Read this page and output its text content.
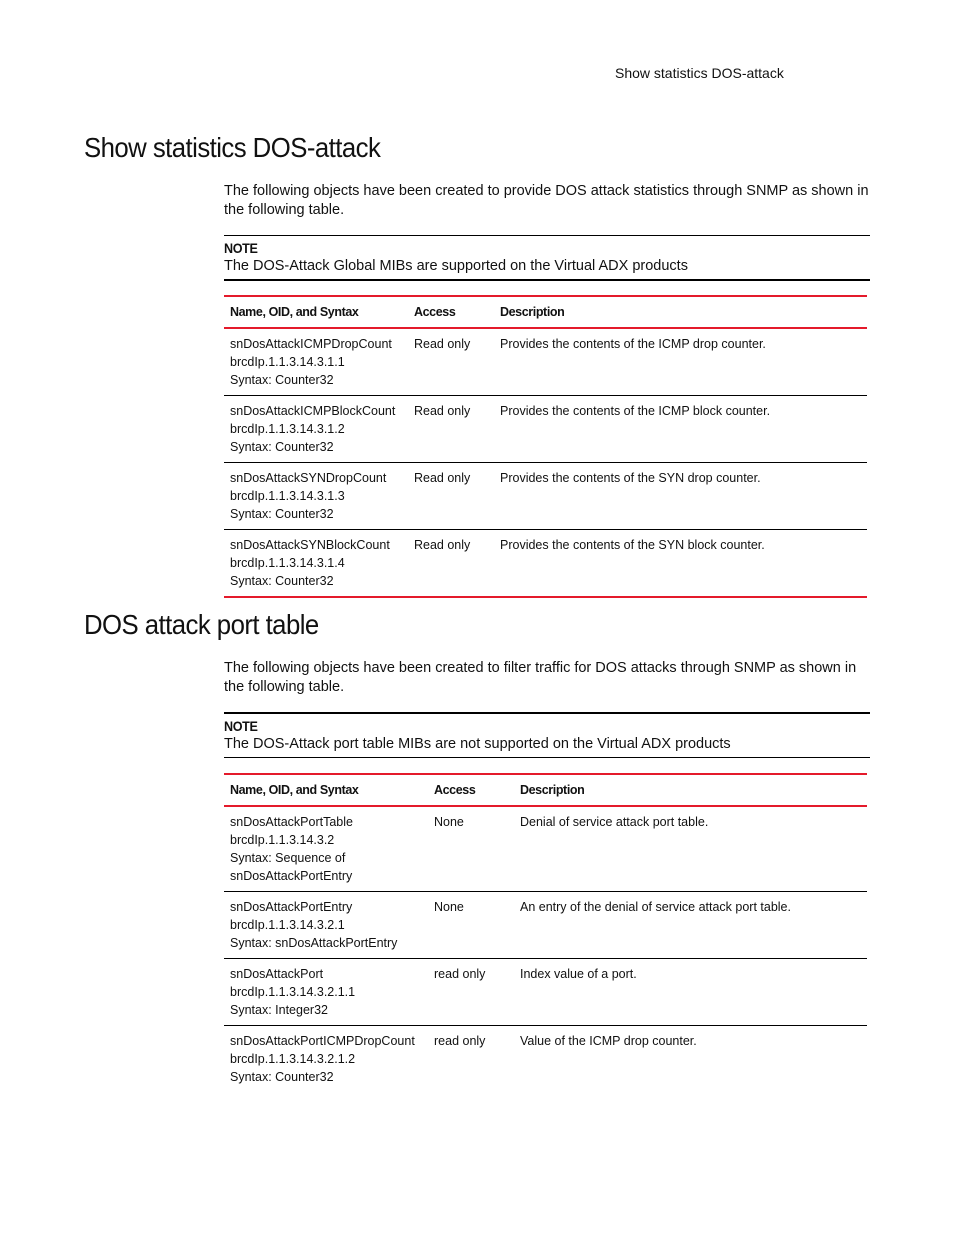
Show statistics DOS-attack
Show statistics DOS-attack

The following objects have been created to provide DOS attack statistics through SNMP as shown in the following table.

NOTE
The DOS-Attack Global MIBs are supported on the Virtual ADX products
Name, OID, and Syntax	Access	Description

snDosAttackICMPDropCount
brcdIp.1.1.3.14.3.1.1
Syntax: Counter32	Read only	Provides the contents of the ICMP drop counter.

snDosAttackICMPBlockCount
brcdIp.1.1.3.14.3.1.2
Syntax: Counter32	Read only	Provides the contents of the ICMP block counter.

snDosAttackSYNDropCount
brcdIp.1.1.3.14.3.1.3
Syntax: Counter32	Read only	Provides the contents of the SYN drop counter.

snDosAttackSYNBlockCount
brcdIp.1.1.3.14.3.1.4
Syntax: Counter32	Read only	Provides the contents of the SYN block counter.
DOS attack port table

The following objects have been created to filter traffic for DOS attacks through SNMP as shown in the following table.

NOTE
The DOS-Attack port table MIBs are not supported on the Virtual ADX products
Name, OID, and Syntax	Access	Description

snDosAttackPortTable
brcdIp.1.1.3.14.3.2
Syntax: Sequence of snDosAttackPortEntry	None	Denial of service attack port table.

snDosAttackPortEntry
brcdIp.1.1.3.14.3.2.1
Syntax: snDosAttackPortEntry	None	An entry of the denial of service attack port table.

snDosAttackPort
brcdIp.1.1.3.14.3.2.1.1
Syntax: Integer32	read only	Index value of a port.

snDosAttackPortICMPDropCount
brcdIp.1.1.3.14.3.2.1.2
Syntax: Counter32	read only	Value of the ICMP drop counter.
